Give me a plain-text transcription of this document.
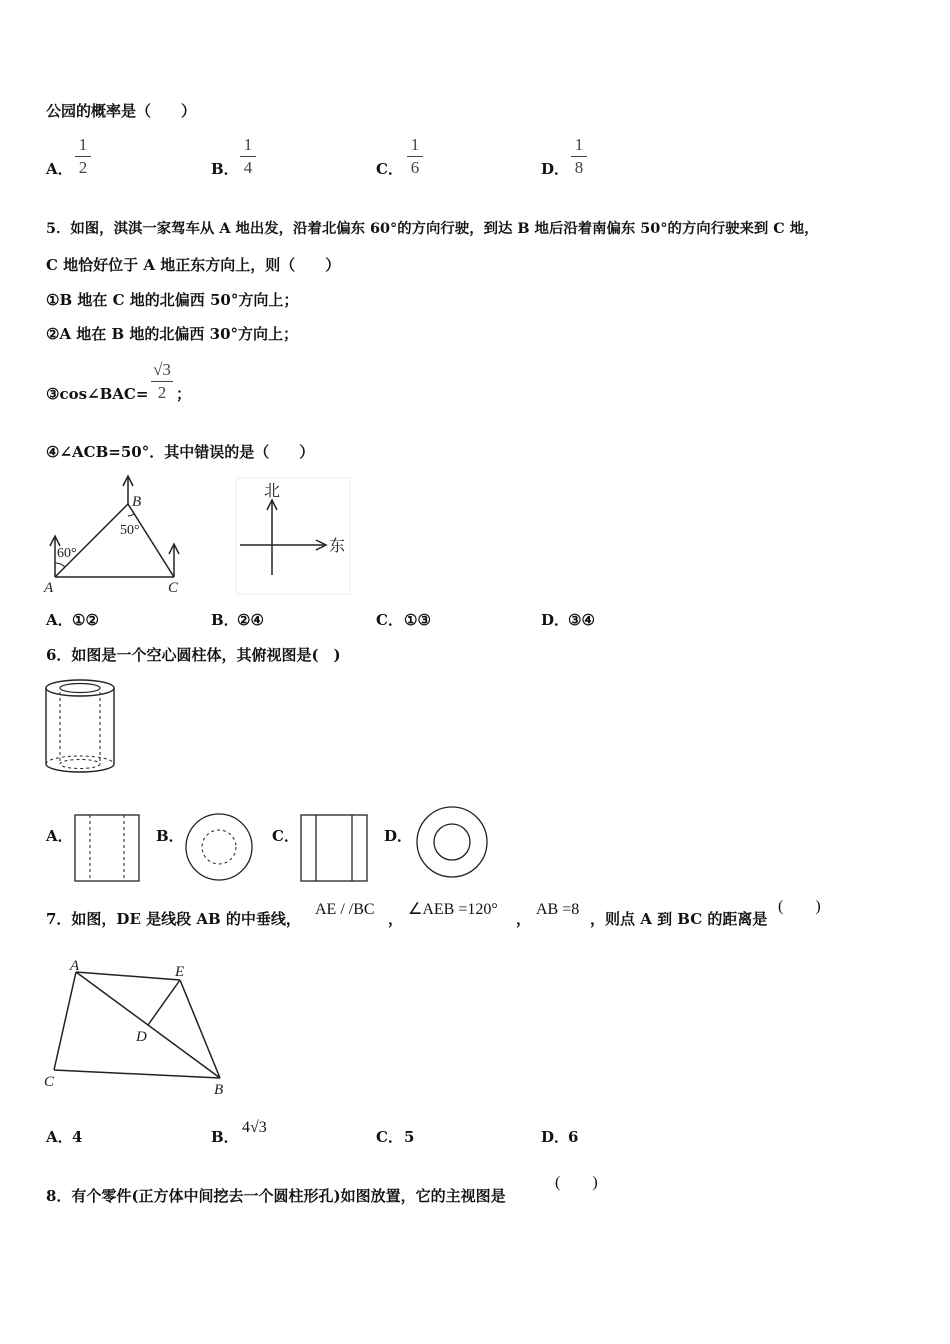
公园的概率是（　　）
A．
1
2	B．
1
4	C．
1
6	D．
1
8
5．如图，淇淇一家驾车从 A 地出发，沿着北偏东 60°的方向行驶，到达 B 地后沿着南偏东 50°的方向行驶来到 C 地，
C 地恰好位于 A 地正东方向上，则（　　）
①B 地在 C 地的北偏西 50°方向上；
②A 地在 B 地的北偏西 30°方向上；
③cos∠BAC=
√3
2 ；
④∠ACB=50°．其中错误的是（　　）
60°
50°
A
B
C
北
东
A． ①②	B．
②④	C． ①③	D．
③④
6．如图是一个空心圆柱体，其俯视图是(　)
A．	B．	C．	D．
7．如图，DE 是线段 AB 的中垂线，
AE / /BC
，
∠AEB =120°
，
AB =8
，则点 A 到 BC 的距离是
(　　)
A	E
D
C	B
A． 4	B．
4√3
C． 5	D．
6
8．有个零件(正方体中间挖去一个圆柱形孔)如图放置，它的主视图是
(　　)
